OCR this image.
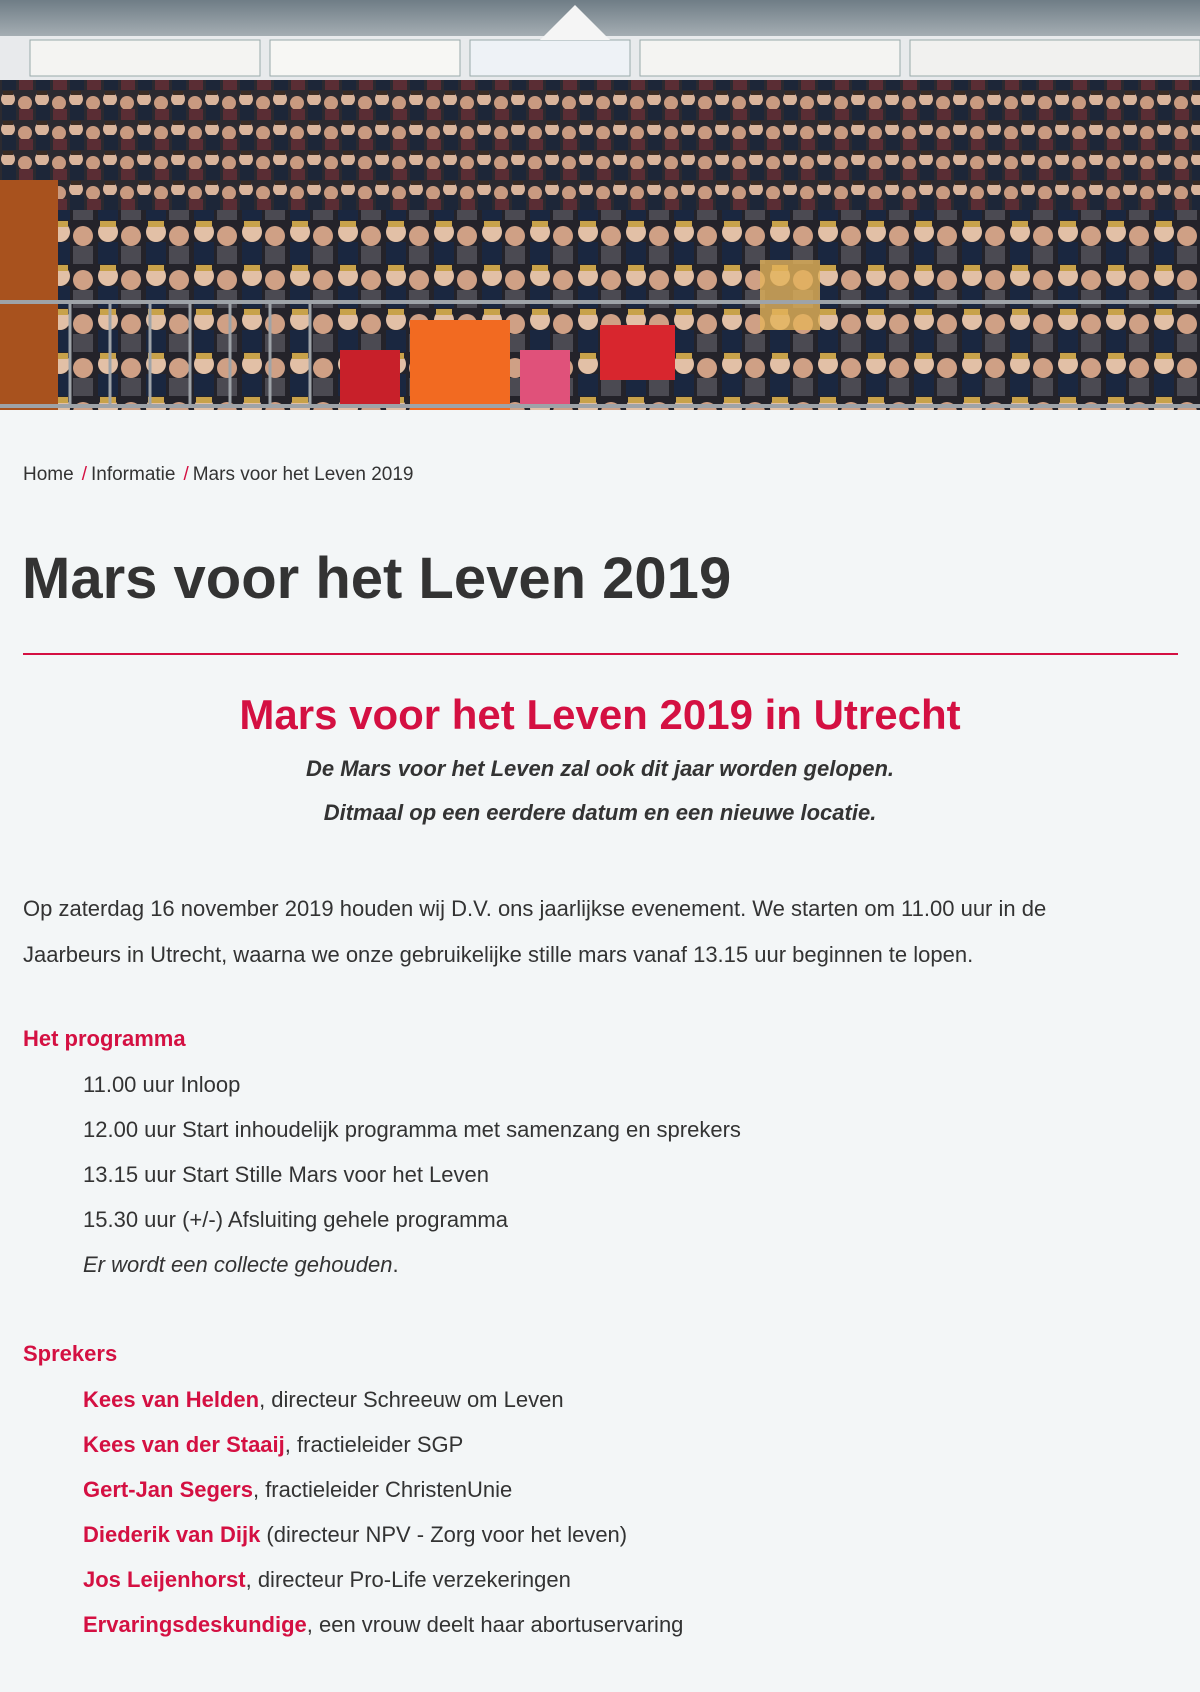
Home / Informatie / Mars voor het Leven 2019
Mars voor het Leven 2019
Mars voor het Leven 2019 in Utrecht

De Mars voor het Leven zal ook dit jaar worden gelopen.

Ditmaal op een eerdere datum en een nieuwe locatie.

Op zaterdag 16 november 2019 houden wij D.V. ons jaarlijkse evenement. We starten om 11.00 uur in de Jaarbeurs in Utrecht, waarna we onze gebruikelijke stille mars vanaf 13.15 uur beginnen te lopen.

Het programma
11.00 uur Inloop
12.00 uur Start inhoudelijk programma met samenzang en sprekers
13.15 uur Start Stille Mars voor het Leven
15.30 uur (+/-) Afsluiting gehele programma
Er wordt een collecte gehouden.
Sprekers
Kees van Helden, directeur Schreeuw om Leven
Kees van der Staaij, fractieleider SGP
Gert-Jan Segers, fractieleider ChristenUnie
Diederik van Dijk (directeur NPV - Zorg voor het leven)
Jos Leijenhorst, directeur Pro-Life verzekeringen
Ervaringsdeskundige, een vrouw deelt haar abortuservaring
